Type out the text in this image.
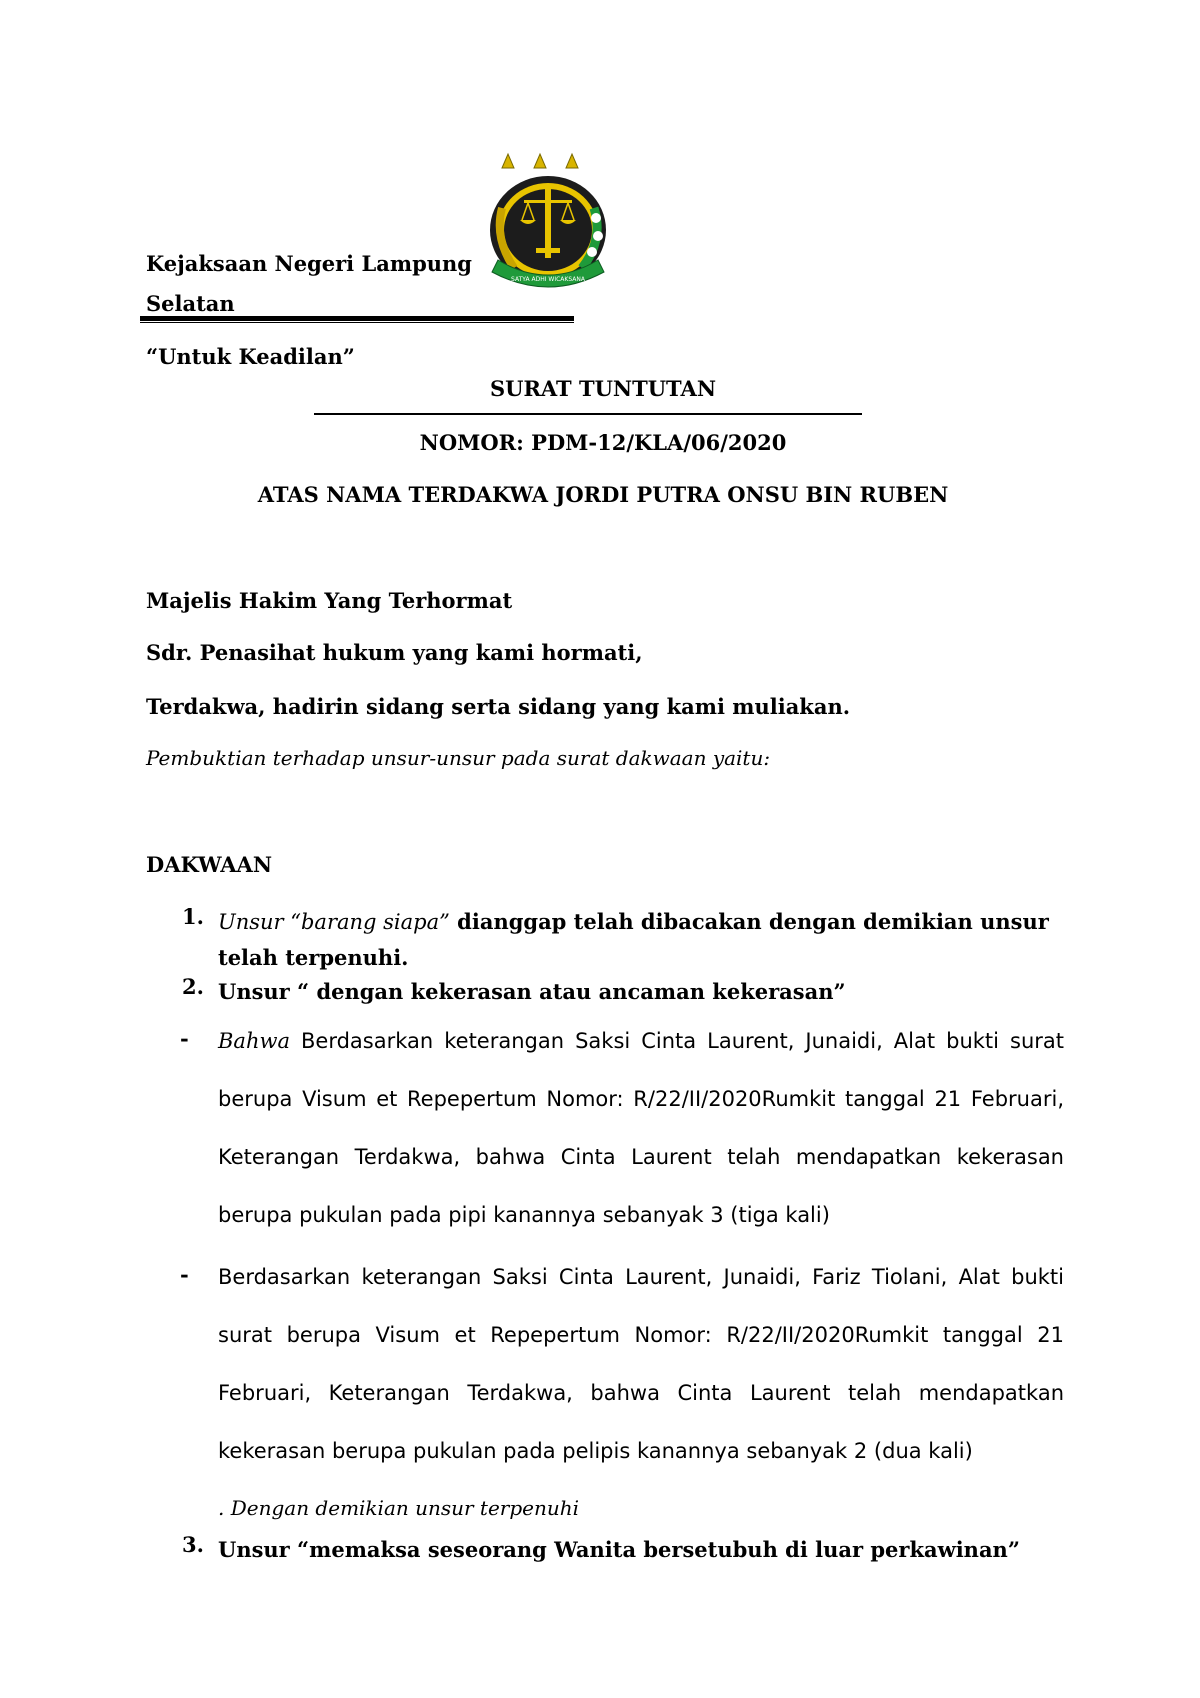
Kejaksaan Negeri Lampung
Selatan
SATYA ADHI WICAKSANA
“Untuk Keadilan”
SURAT TUNTUTAN
NOMOR: PDM-12/KLA/06/2020
ATAS NAMA TERDAKWA JORDI PUTRA ONSU BIN RUBEN
Majelis Hakim Yang Terhormat
Sdr. Penasihat hukum yang kami hormati,
Terdakwa, hadirin sidang serta sidang yang kami muliakan.
Pembuktian terhadap unsur-unsur pada surat dakwaan yaitu:
DAKWAAN
1. Unsur “barang siapa” dianggap telah dibacakan dengan demikian unsur telah terpenuhi.
2. Unsur “ dengan kekerasan atau ancaman kekerasan”
- Bahwa Berdasarkan keterangan Saksi Cinta Laurent, Junaidi, Alat bukti surat berupa Visum et Repepertum Nomor: R/22/II/2020Rumkit tanggal 21 Februari, Keterangan Terdakwa, bahwa Cinta Laurent telah mendapatkan kekerasan berupa pukulan pada pipi kanannya sebanyak 3 (tiga kali)
- Berdasarkan keterangan Saksi Cinta Laurent, Junaidi, Fariz Tiolani, Alat bukti surat berupa Visum et Repepertum Nomor: R/22/II/2020Rumkit tanggal 21 Februari, Keterangan Terdakwa, bahwa Cinta Laurent telah mendapatkan kekerasan berupa pukulan pada pelipis kanannya sebanyak 2 (dua kali)
. Dengan demikian unsur terpenuhi
3. Unsur “memaksa seseorang Wanita bersetubuh di luar perkawinan”
